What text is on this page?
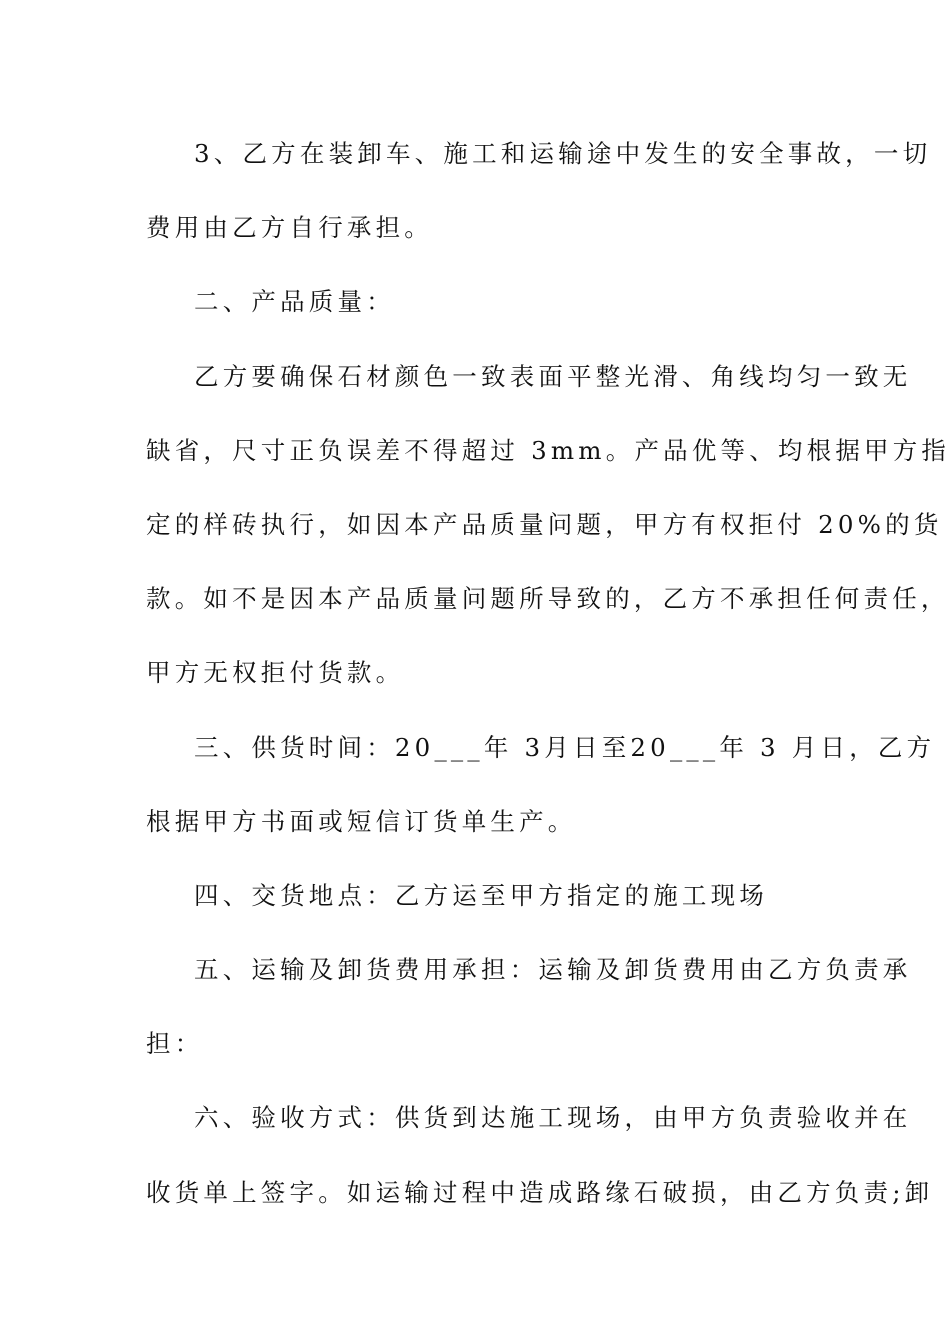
3、乙方在装卸车、施工和运输途中发生的安全事故，一切
费用由乙方自行承担。
二、产品质量：
乙方要确保石材颜色一致表面平整光滑、角线均匀一致无
缺省，尺寸正负误差不得超过 3mm。产品优等、均根据甲方指
定的样砖执行，如因本产品质量问题，甲方有权拒付 20%的货
款。如不是因本产品质量问题所导致的，乙方不承担任何责任，
甲方无权拒付货款。
三、供货时间：20___年 3月日至20___年 3 月日，乙方
根据甲方书面或短信订货单生产。
四、交货地点：乙方运至甲方指定的施工现场
五、运输及卸货费用承担：运输及卸货费用由乙方负责承
担：
六、验收方式：供货到达施工现场，由甲方负责验收并在
收货单上签字。如运输过程中造成路缘石破损，由乙方负责;卸
